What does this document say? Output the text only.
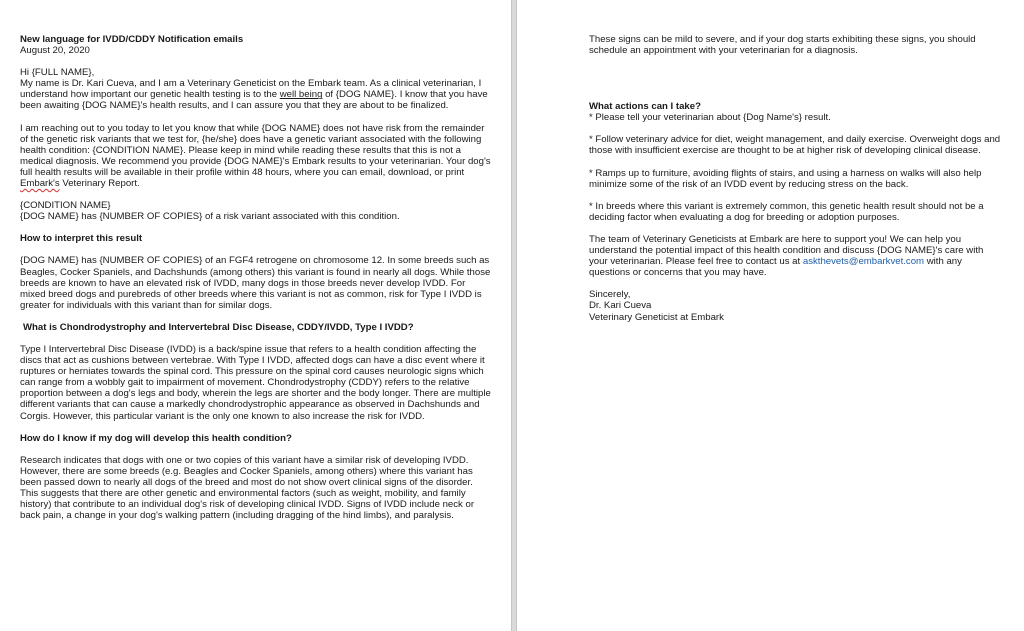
New language for IVDD/CDDY Notification emails

August 20, 2020

Hi {FULL NAME},

My name is Dr. Kari Cueva, and I am a Veterinary Geneticist on the Embark team. As a clinical veterinarian, I understand how important our genetic health testing is to the well being of {DOG NAME}. I know that you have been awaiting {DOG NAME}'s health results, and I can assure you that they are about to be finalized.

I am reaching out to you today to let you know that while {DOG NAME} does not have risk from the remainder of the genetic risk variants that we test for, {he/she} does have a genetic variant associated with the following health condition: {CONDITION NAME}. Please keep in mind while reading these results that this is not a medical diagnosis. We recommend you provide {DOG NAME}'s Embark results to your veterinarian. Your dog's full health results will be available in their profile within 48 hours, where you can email, download, or print Embark's Veterinary Report.

{CONDITION NAME}

{DOG NAME} has {NUMBER OF COPIES} of a risk variant associated with this condition.

How to interpret this result

{DOG NAME} has {NUMBER OF COPIES} of an FGF4 retrogene on chromosome 12. In some breeds such as Beagles, Cocker Spaniels, and Dachshunds (among others) this variant is found in nearly all dogs. While those breeds are known to have an elevated risk of IVDD, many dogs in those breeds never develop IVDD. For mixed breed dogs and purebreds of other breeds where this variant is not as common, risk for Type I IVDD is greater for individuals with this variant than for similar dogs.

What is Chondrodystrophy and Intervertebral Disc Disease, CDDY/IVDD, Type I IVDD?

Type I Intervertebral Disc Disease (IVDD) is a back/spine issue that refers to a health condition affecting the discs that act as cushions between vertebrae. With Type I IVDD, affected dogs can have a disc event where it ruptures or herniates towards the spinal cord. This pressure on the spinal cord causes neurologic signs which can range from a wobbly gait to impairment of movement. Chondrodystrophy (CDDY) refers to the relative proportion between a dog's legs and body, wherein the legs are shorter and the body longer. There are multiple different variants that can cause a markedly chondrodystrophic appearance as observed in Dachshunds and Corgis. However, this particular variant is the only one known to also increase the risk for IVDD.

How do I know if my dog will develop this health condition?

Research indicates that dogs with one or two copies of this variant have a similar risk of developing IVDD. However, there are some breeds (e.g. Beagles and Cocker Spaniels, among others) where this variant has been passed down to nearly all dogs of the breed and most do not show overt clinical signs of the disorder. This suggests that there are other genetic and environmental factors (such as weight, mobility, and family history) that contribute to an individual dog's risk of developing clinical IVDD. Signs of IVDD include neck or back pain, a change in your dog's walking pattern (including dragging of the hind limbs), and paralysis.

These signs can be mild to severe, and if your dog starts exhibiting these signs, you should schedule an appointment with your veterinarian for a diagnosis.

What actions can I take?

* Please tell your veterinarian about {Dog Name's} result.

* Follow veterinary advice for diet, weight management, and daily exercise. Overweight dogs and those with insufficient exercise are thought to be at higher risk of developing clinical disease.

* Ramps up to furniture, avoiding flights of stairs, and using a harness on walks will also help minimize some of the risk of an IVDD event by reducing stress on the back.

* In breeds where this variant is extremely common, this genetic health result should not be a deciding factor when evaluating a dog for breeding or adoption purposes.

The team of Veterinary Geneticists at Embark are here to support you! We can help you understand the potential impact of this health condition and discuss {DOG NAME}'s care with your veterinarian. Please feel free to contact us at askthevets@embarkvet.com with any questions or concerns that you may have.

Sincerely,

Dr. Kari Cueva

Veterinary Geneticist at Embark
